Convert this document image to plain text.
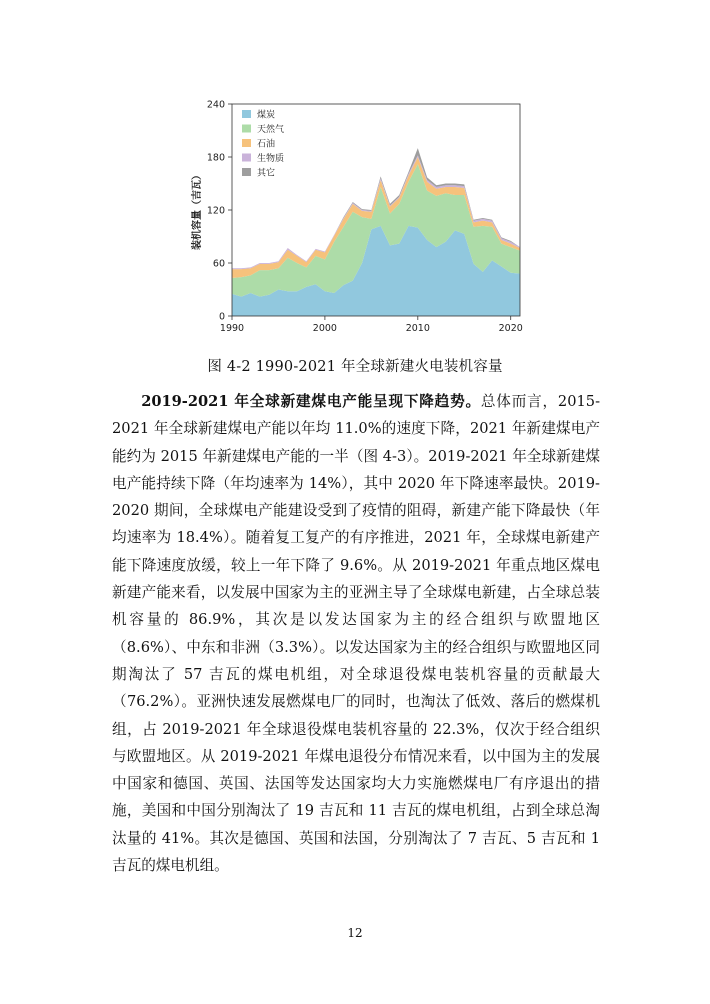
0
60
120
180
240
1990	2000	2010	2020
装机容量（吉瓦）
煤炭
天然气
石油
生物质
其它
图 4-2 1990-2021 年全球新建火电装机容量

2019-2021 年全球新建煤电产能呈现下降趋势。总体而言，2015-2021 年全球新建煤电产能以年均 11.0%的速度下降，2021 年新建煤电产能约为 2015 年新建煤电产能的一半（图 4-3）。2019-2021 年全球新建煤电产能持续下降（年均速率为 14%），其中 2020 年下降速率最快。2019-2020 期间，全球煤电产能建设受到了疫情的阻碍，新建产能下降最快（年均速率为 18.4%）。随着复工复产的有序推进，2021 年，全球煤电新建产能下降速度放缓，较上一年下降了 9.6%。从 2019-2021 年重点地区煤电新建产能来看，以发展中国家为主的亚洲主导了全球煤电新建，占全球总装机容量的 86.9%，其次是以发达国家为主的经合组织与欧盟地区（8.6%）、中东和非洲（3.3%）。以发达国家为主的经合组织与欧盟地区同期淘汰了 57 吉瓦的煤电机组，对全球退役煤电装机容量的贡献最大（76.2%）。亚洲快速发展燃煤电厂的同时，也淘汰了低效、落后的燃煤机组，占 2019-2021 年全球退役煤电装机容量的 22.3%，仅次于经合组织与欧盟地区。从 2019-2021 年煤电退役分布情况来看，以中国为主的发展中国家和德国、英国、法国等发达国家均大力实施燃煤电厂有序退出的措施，美国和中国分别淘汰了 19 吉瓦和 11 吉瓦的煤电机组，占到全球总淘汰量的 41%。其次是德国、英国和法国，分别淘汰了 7 吉瓦、5 吉瓦和 1 吉瓦的煤电机组。

12
